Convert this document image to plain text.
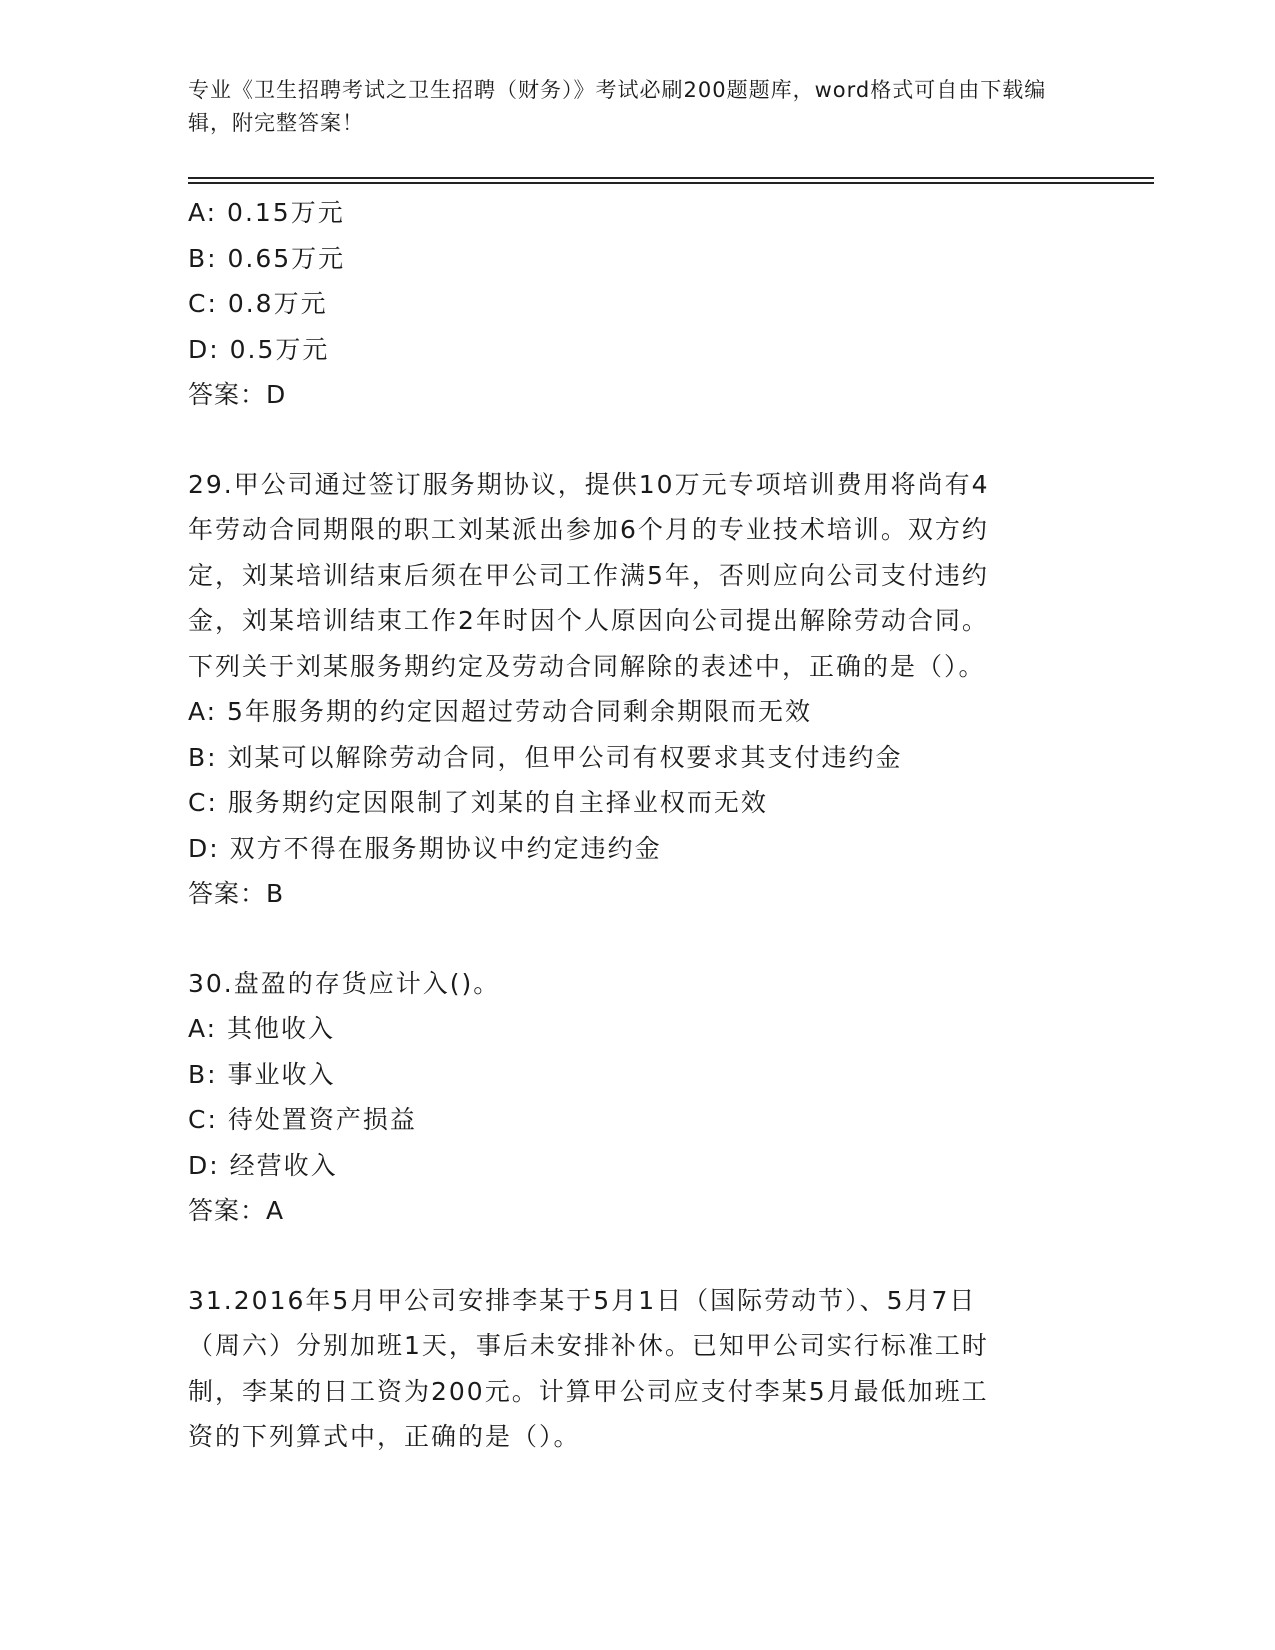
专业《卫生招聘考试之卫生招聘（财务）》考试必刷200题题库，word格式可自由下载编辑，附完整答案！
A: 0.15万元
B: 0.65万元
C: 0.8万元
D: 0.5万元
答案：D
29.甲公司通过签订服务期协议，提供10万元专项培训费用将尚有4
年劳动合同期限的职工刘某派出参加6个月的专业技术培训。双方约
定，刘某培训结束后须在甲公司工作满5年，否则应向公司支付违约
金，刘某培训结束工作2年时因个人原因向公司提出解除劳动合同。
下列关于刘某服务期约定及劳动合同解除的表述中，正确的是（）。
A: 5年服务期的约定因超过劳动合同剩余期限而无效
B: 刘某可以解除劳动合同，但甲公司有权要求其支付违约金
C: 服务期约定因限制了刘某的自主择业权而无效
D: 双方不得在服务期协议中约定违约金
答案：B
30.盘盈的存货应计入()。
A: 其他收入
B: 事业收入
C: 待处置资产损益
D: 经营收入
答案：A
31.2016年5月甲公司安排李某于5月1日（国际劳动节）、5月7日
（周六）分别加班1天，事后未安排补休。已知甲公司实行标准工时
制，李某的日工资为200元。计算甲公司应支付李某5月最低加班工
资的下列算式中，正确的是（）。
